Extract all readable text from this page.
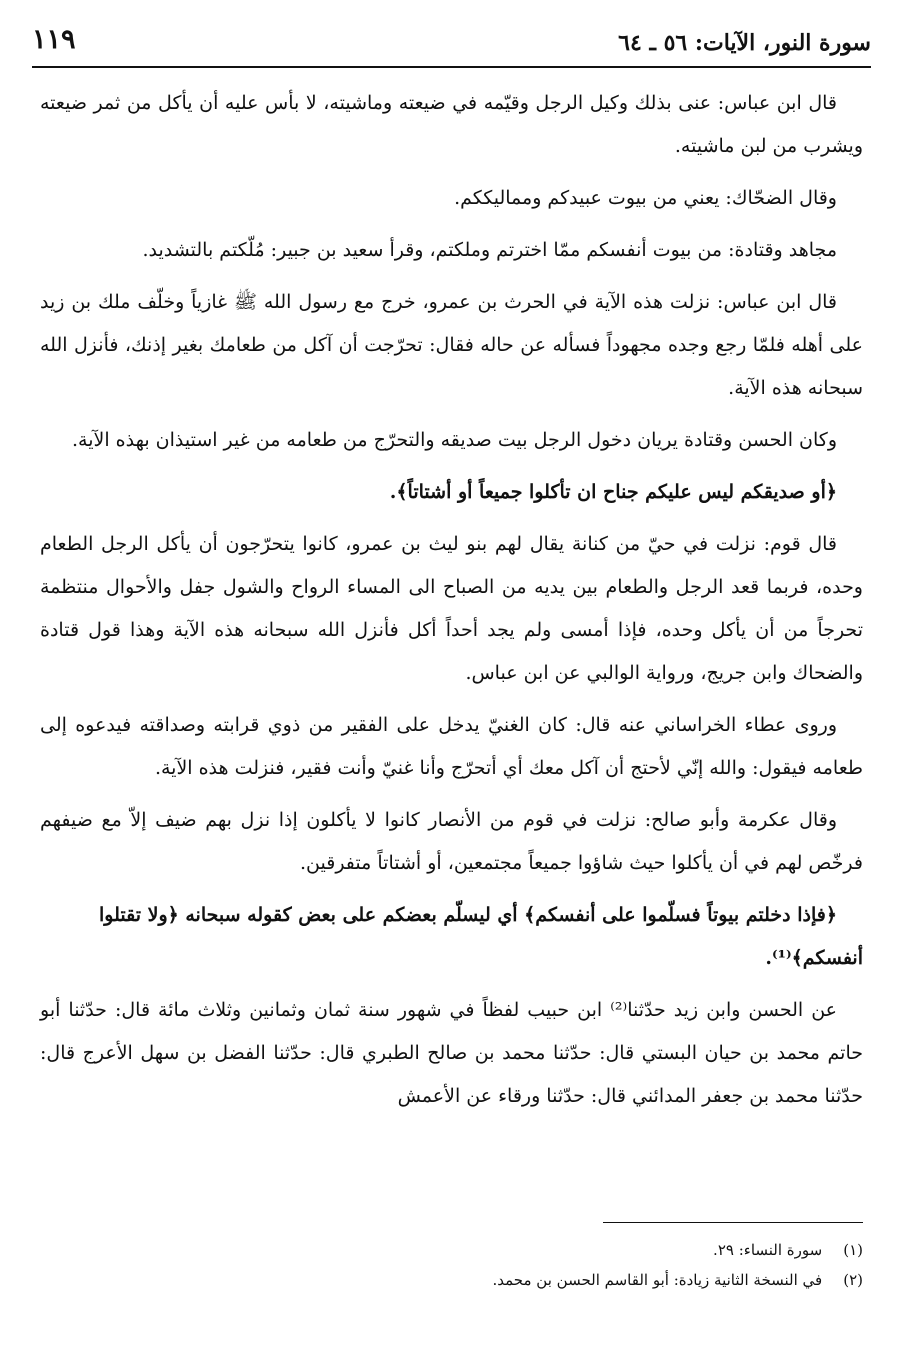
سورة النور، الآيات: ٥٦ ـ ٦٤
١١٩

قال ابن عباس: عنى بذلك وكيل الرجل وقيّمه في ضيعته وماشيته، لا بأس عليه أن يأكل من ثمر ضيعته ويشرب من لبن ماشيته.

وقال الضحّاك: يعني من بيوت عبيدكم ومماليككم.

مجاهد وقتادة: من بيوت أنفسكم ممّا اخترتم وملكتم، وقرأ سعيد بن جبير: مُلّكتم بالتشديد.

قال ابن عباس: نزلت هذه الآية في الحرث بن عمرو، خرج مع رسول الله ﷺ غازياً وخلّف ملك بن زيد على أهله فلمّا رجع وجده مجهوداً فسأله عن حاله فقال: تحرّجت أن آكل من طعامك بغير إذنك، فأنزل الله سبحانه هذه الآية.

وكان الحسن وقتادة يريان دخول الرجل بيت صديقه والتحرّج من طعامه من غير استيذان بهذه الآية.

﴿أو صديقكم ليس عليكم جناح ان تأكلوا جميعاً أو أشتاتاً﴾.

قال قوم: نزلت في حيّ من كنانة يقال لهم بنو ليث بن عمرو، كانوا يتحرّجون أن يأكل الرجل الطعام وحده، فربما قعد الرجل والطعام بين يديه من الصباح الى المساء الرواح والشول جفل والأحوال منتظمة تحرجاً من أن يأكل وحده، فإذا أمسى ولم يجد أحداً أكل فأنزل الله سبحانه هذه الآية وهذا قول قتادة والضحاك وابن جريج، ورواية الوالبي عن ابن عباس.

وروى عطاء الخراساني عنه قال: كان الغنيّ يدخل على الفقير من ذوي قرابته وصداقته فيدعوه إلى طعامه فيقول: والله إنّي لأحتج أن آكل معك أي أتحرّج وأنا غنيّ وأنت فقير، فنزلت هذه الآية.

وقال عكرمة وأبو صالح: نزلت في قوم من الأنصار كانوا لا يأكلون إذا نزل بهم ضيف إلاّ مع ضيفهم فرخّص لهم في أن يأكلوا حيث شاؤوا جميعاً مجتمعين، أو أشتاتاً متفرقين.

﴿فإذا دخلتم بيوتاً فسلّموا على أنفسكم﴾ أي ليسلّم بعضكم على بعض كقوله سبحانه ﴿ولا تقتلوا أنفسكم﴾⁽¹⁾.

عن الحسن وابن زيد حدّثنا⁽²⁾ ابن حبيب لفظاً في شهور سنة ثمان وثمانين وثلاث مائة قال: حدّثنا أبو حاتم محمد بن حيان البستي قال: حدّثنا محمد بن صالح الطبري قال: حدّثنا الفضل بن سهل الأعرج قال: حدّثنا محمد بن جعفر المدائني قال: حدّثنا ورقاء عن الأعمش

(١) سورة النساء: ٢٩.
(٢) في النسخة الثانية زيادة: أبو القاسم الحسن بن محمد.
